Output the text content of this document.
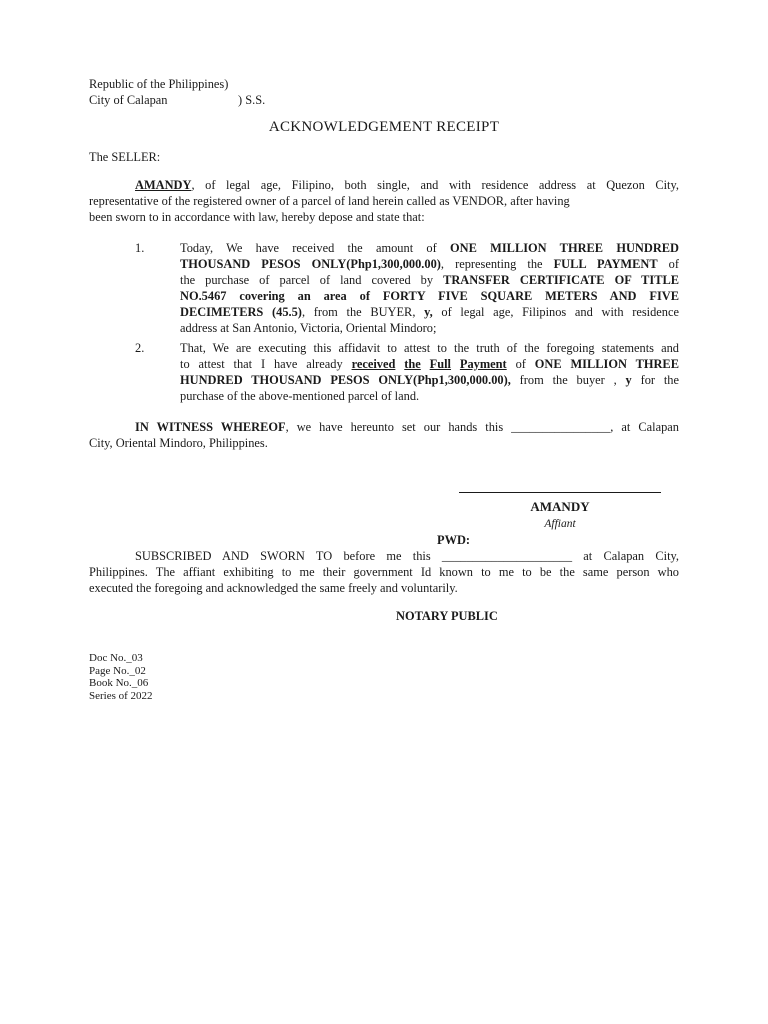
Republic of the Philippines)
City of Calapan	) S.S.
ACKNOWLEDGEMENT RECEIPT
The SELLER:
AMANDY, of legal age, Filipino, both single, and with residence address at Quezon City,
representative of the registered owner of a parcel of land herein called as VENDOR, after having
been sworn to in accordance with law, hereby depose and state that:
1.	Today, We have received the amount of ONE MILLION THREE HUNDRED
THOUSAND PESOS ONLY(Php1,300,000.00), representing the FULL PAYMENT of
the purchase of parcel of land covered by TRANSFER CERTIFICATE OF TITLE
NO.5467 covering an area of FORTY FIVE SQUARE METERS AND FIVE
DECIMETERS (45.5), from the BUYER, y, of legal age, Filipinos and with residence
address at San Antonio, Victoria, Oriental Mindoro;
2.	That, We are executing this affidavit to attest to the truth of the foregoing statements and
to attest that I have already received the Full Payment of ONE MILLION THREE
HUNDRED THOUSAND PESOS ONLY(Php1,300,000.00), from the buyer , y for the
purchase of the above-mentioned parcel of land.
IN WITNESS WHEREOF, we have hereunto set our hands this ________________, at Calapan
City, Oriental Mindoro, Philippines.
AMANDY
Affiant
PWD:
SUBSCRIBED AND SWORN TO before me this _____________________ at Calapan City,
Philippines. The affiant exhibiting to me their government Id known to me to be the same person who
executed the foregoing and acknowledged the same freely and voluntarily.
NOTARY PUBLIC
Doc No._03
Page No._02
Book No._06
Series of 2022
